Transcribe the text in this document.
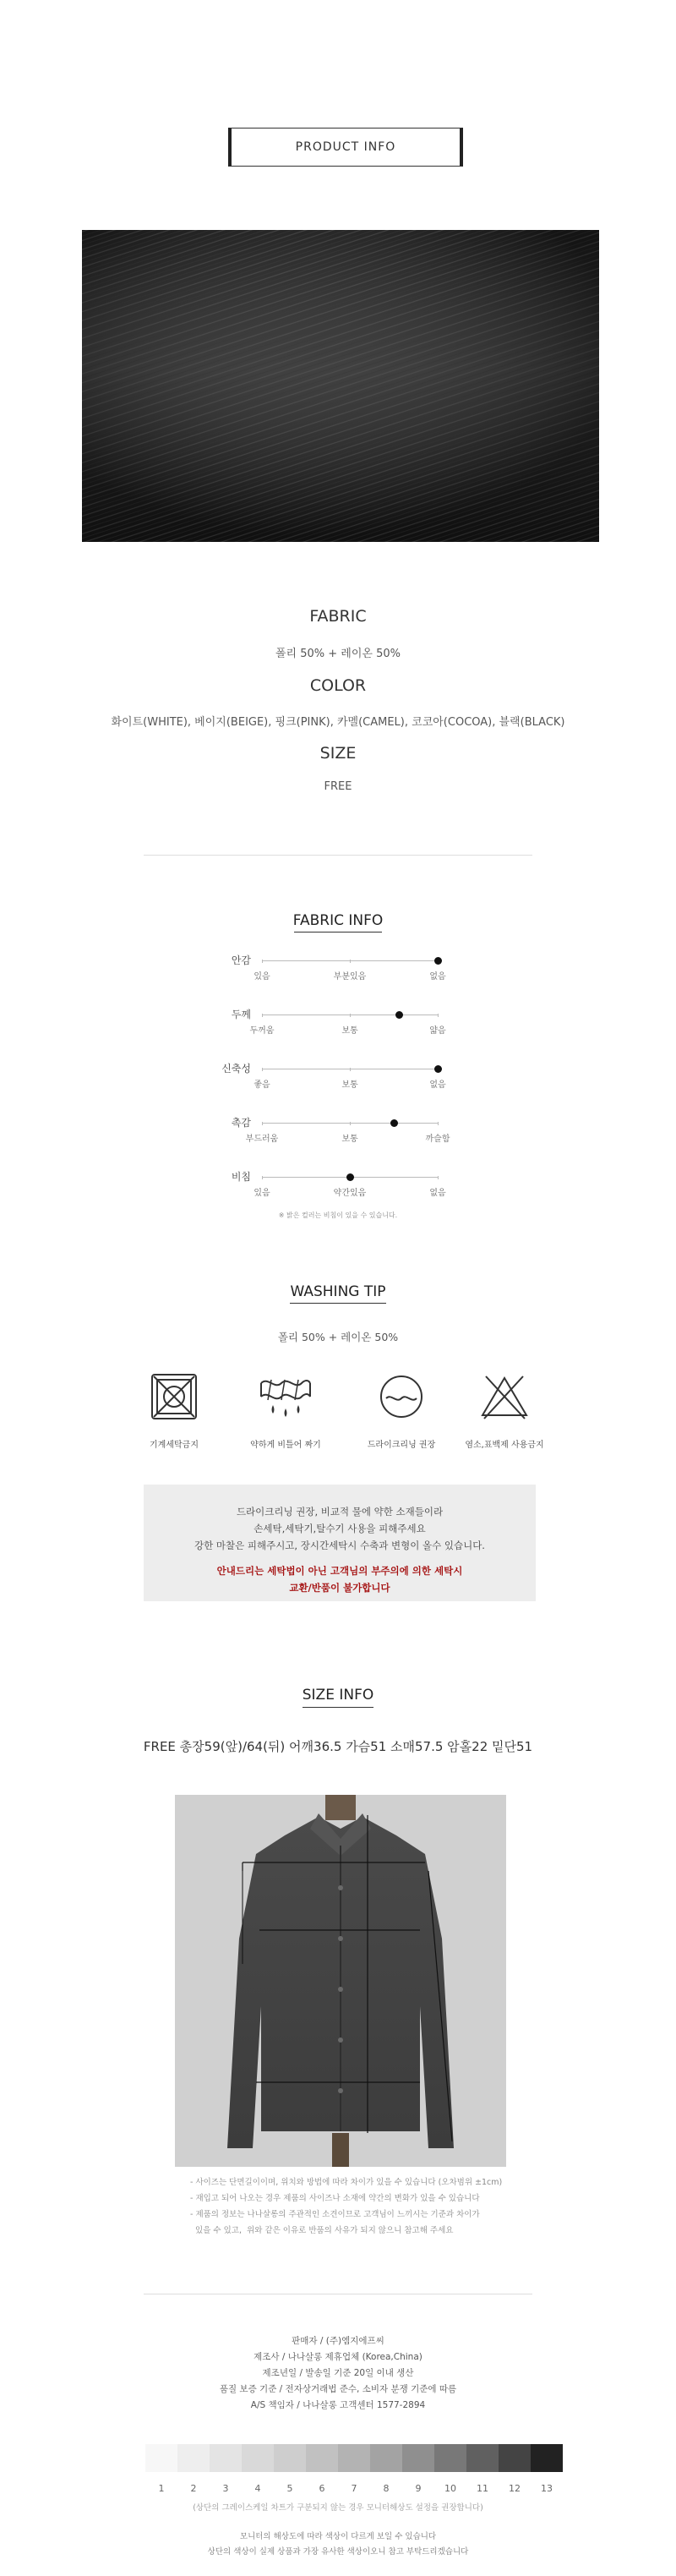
PRODUCT INFO
FABRIC
폴리 50% + 레이온 50%
COLOR
화이트(WHITE), 베이지(BEIGE), 핑크(PINK), 카멜(CAMEL), 코코아(COCOA), 블랙(BLACK)
SIZE
FREE
FABRIC INFO
안감
있음	부분있음	없음
두께
두꺼움	보통	얇음
신축성
좋음	보통	없음
촉감
부드러움	보통	까슬함
비침
있음	약간있음	없음
※ 밝은 컬러는 비침이 있을 수 있습니다.
WASHING TIP
폴리 50% + 레이온 50%
기계세탁금지	약하게 비틀어 짜기	드라이크리닝 권장	염소,표백제 사용금지

드라이크리닝 권장, 비교적 물에 약한 소재들이라

손세탁,세탁기,탈수기 사용을 피해주세요

강한 마찰은 피해주시고, 장시간세탁시 수축과 변형이 올수 있습니다.

안내드리는 세탁법이 아닌 고객님의 부주의에 의한 세탁시

교환/반품이 불가합니다

SIZE INFO
FREE 총장59(앞)/64(뒤) 어깨36.5 가슴51 소매57.5 암홀22 밑단51
- 사이즈는 단면길이이며, 위치와 방법에 따라 차이가 있을 수 있습니다 (오차범위 ±1cm)
- 재입고 되어 나오는 경우 제품의 사이즈나 소재에 약간의 변화가 있을 수 있습니다
- 제품의 정보는 나나살롱의 주관적인 소견이므로 고객님이 느끼시는 기준과 차이가
있을 수 있고,  위와 같은 이유로 반품의 사유가 되지 않으니 참고해 주세요
판매자 / (주)엠지에프씨
제조사 / 나나살롱 제휴업체 (Korea,China)
제조년일 / 발송일 기준 20일 이내 생산
품질 보증 기준 / 전자상거래법 준수, 소비자 분쟁 기준에 따름
A/S 책임자 / 나나살롱 고객센터 1577-2894
1	2	3	4	5	6	7	8	9	10	11	12	13
(상단의 그레이스케일 차트가 구분되지 않는 경우 모니터해상도 설정을 권장합니다)
모니터의 해상도에 따라 색상이 다르게 보일 수 있습니다
상단의 색상이 실제 상품과 가장 유사한 색상이오니 참고 부탁드리겠습니다
